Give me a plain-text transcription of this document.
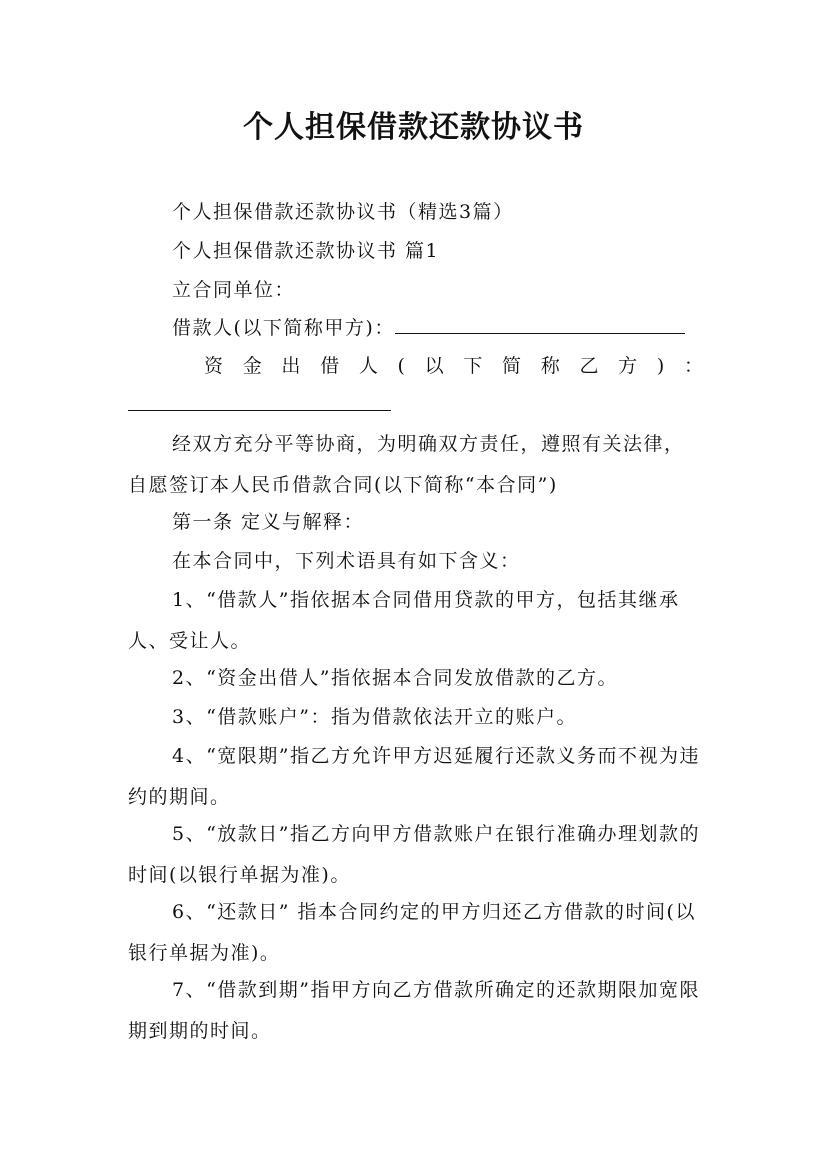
个人担保借款还款协议书

个人担保借款还款协议书（精选3篇）

个人担保借款还款协议书 篇1

立合同单位：

借款人(以下简称甲方)：

资 金 出 借 人 ( 以 下 简 称 乙 方 ) ：

经双方充分平等协商，为明确双方责任，遵照有关法律，自愿签订本人民币借款合同(以下简称“本合同”)

第一条 定义与解释：

在本合同中，下列术语具有如下含义：

1、“借款人”指依据本合同借用贷款的甲方，包括其继承人、受让人。

2、“资金出借人”指依据本合同发放借款的乙方。

3、“借款账户”：指为借款依法开立的账户。

4、“宽限期”指乙方允许甲方迟延履行还款义务而不视为违约的期间。

5、“放款日”指乙方向甲方借款账户在银行准确办理划款的时间(以银行单据为准)。

6、“还款日” 指本合同约定的甲方归还乙方借款的时间(以银行单据为准)。

7、“借款到期”指甲方向乙方借款所确定的还款期限加宽限期到期的时间。
